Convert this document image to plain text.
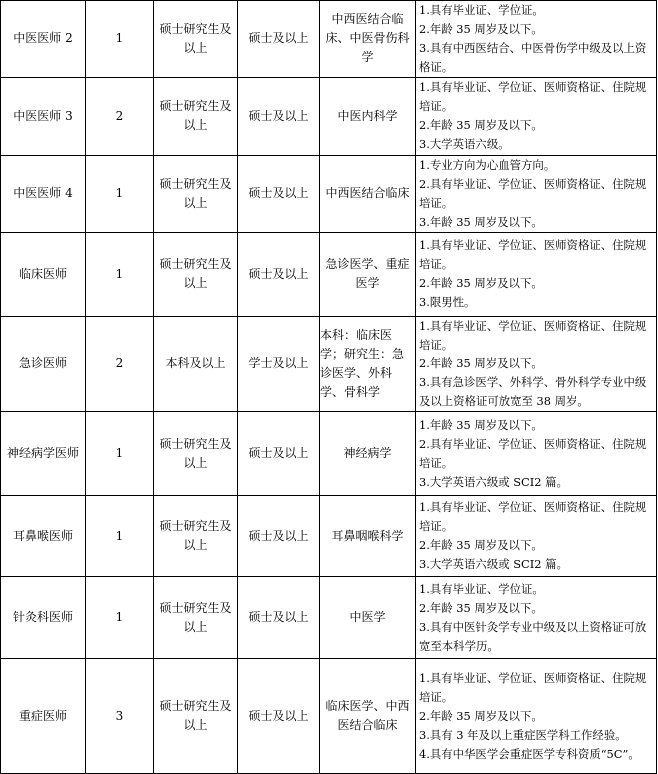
中医医师 2	1	硕士研究生及以上	硕士及以上	中西医结合临床、中医骨伤科学	1.具有毕业证、学位证。
2.年龄 35 周岁及以下。
3.具有中西医结合、中医骨伤学中级及以上资格证。

中医医师 3	2	硕士研究生及以上	硕士及以上	中医内科学	1.具有毕业证、学位证、医师资格证、住院规培证。
2.年龄 35 周岁及以下。
3.大学英语六级。

中医医师 4	1	硕士研究生及以上	硕士及以上	中西医结合临床	1.专业方向为心血管方向。
2.具有毕业证、学位证、医师资格证、住院规培证。
3.年龄 35 周岁及以下。

临床医师	1	硕士研究生及以上	硕士及以上	急诊医学、重症医学	1.具有毕业证、学位证、医师资格证、住院规培证。
2.年龄 35 周岁及以下。
3.限男性。

急诊医师	2	本科及以上	学士及以上	本科：临床医学；研究生：急诊医学、外科学、骨科学	1.具有毕业证、学位证、医师资格证、住院规培证。
2.年龄 35 周岁及以下。
3.具有急诊医学、外科学、骨外科学专业中级及以上资格证可放宽至 38 周岁。

神经病学医师	1	硕士研究生及以上	硕士及以上	神经病学	1.年龄 35 周岁及以下。
2.具有毕业证、学位证、医师资格证、住院规培证。
3.大学英语六级或 SCI2 篇。

耳鼻喉医师	1	硕士研究生及以上	硕士及以上	耳鼻咽喉科学	1.具有毕业证、学位证、医师资格证、住院规培证。
2.年龄 35 周岁及以下。
3.大学英语六级或 SCI2 篇。

针灸科医师	1	硕士研究生及以上	硕士及以上	中医学	1.具有毕业证、学位证。
2.年龄 35 周岁及以下。
3.具有中医针灸学专业中级及以上资格证可放宽至本科学历。

重症医师	3	硕士研究生及以上	硕士及以上	临床医学、中西医结合临床	1.具有毕业证、学位证、医师资格证、住院规培证。
2.年龄 35 周岁及以下。
3.具有 3 年及以上重症医学科工作经验。
4.具有中华医学会重症医学专科资质“5C”。
